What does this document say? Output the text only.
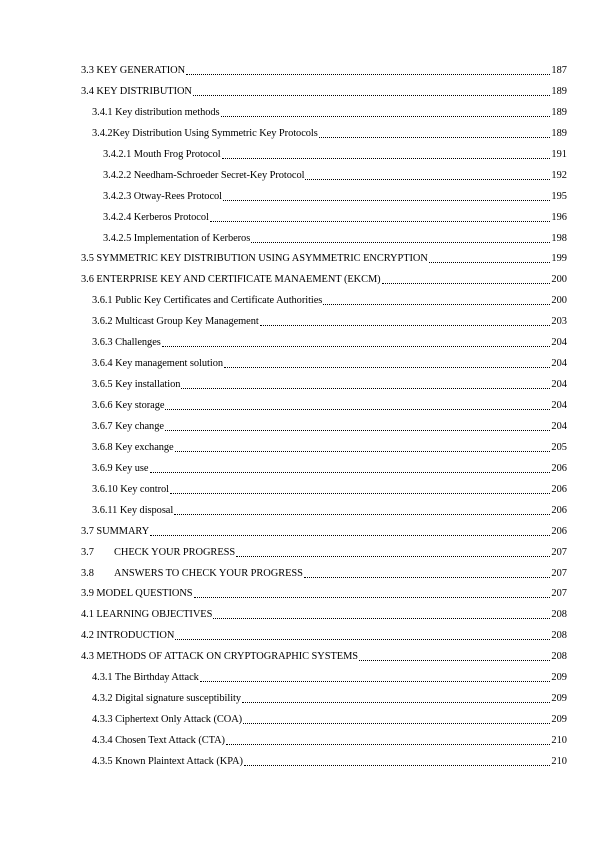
3.3 KEY GENERATION	187
3.4 KEY DISTRIBUTION	189
3.4.1 Key distribution methods	189
3.4.2Key Distribution Using Symmetric Key Protocols	189
3.4.2.1 Mouth Frog Protocol	191
3.4.2.2 Needham-Schroeder Secret-Key Protocol	192
3.4.2.3 Otway-Rees Protocol	195
3.4.2.4 Kerberos Protocol	196
3.4.2.5 Implementation of Kerberos	198
3.5 SYMMETRIC KEY DISTRIBUTION USING ASYMMETRIC ENCRYPTION	199
3.6 ENTERPRISE KEY AND CERTIFICATE MANAEMENT (EKCM)	200
3.6.1 Public Key Certificates and Certificate Authorities	200
3.6.2 Multicast Group Key Management	203
3.6.3 Challenges	204
3.6.4 Key management solution	204
3.6.5 Key installation	204
3.6.6 Key storage	204
3.6.7 Key change	204
3.6.8 Key exchange	205
3.6.9 Key use	206
3.6.10 Key control	206
3.6.11 Key disposal	206
3.7 SUMMARY	206
3.7 CHECK YOUR PROGRESS	207
3.8 ANSWERS TO CHECK YOUR PROGRESS	207
3.9 MODEL QUESTIONS	207
4.1 LEARNING OBJECTIVES	208
4.2 INTRODUCTION	208
4.3 METHODS OF ATTACK ON CRYPTOGRAPHIC SYSTEMS	208
4.3.1 The Birthday Attack	209
4.3.2 Digital signature susceptibility	209
4.3.3 Ciphertext Only Attack (COA)	209
4.3.4 Chosen Text Attack (CTA)	210
4.3.5 Known Plaintext Attack (KPA)	210
